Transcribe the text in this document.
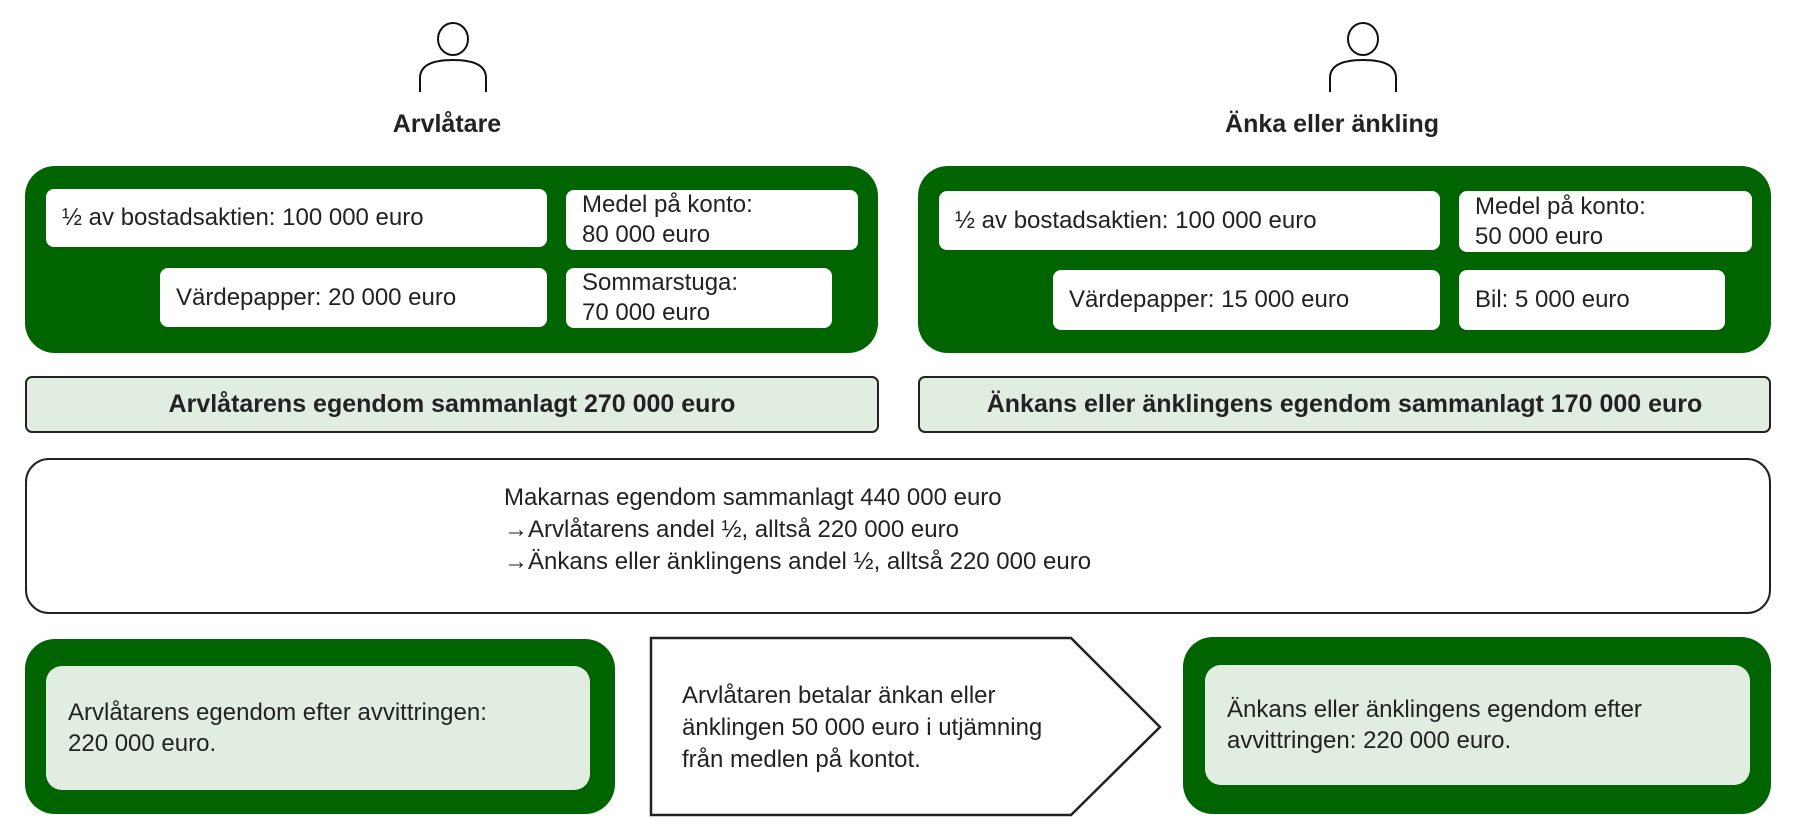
Arvlåtare	Änka eller änkling
½ av bostadsaktien: 100 000 euro	Medel på konto:
80 000 euro
Värdepapper: 20 000 euro
Sommarstuga:
70 000 euro
½ av bostadsaktien: 100 000 euro
Medel på konto:
50 000 euro
Värdepapper: 15 000 euro	Bil: 5 000 euro
Arvlåtarens egendom sammanlagt 270 000 euro	Änkans eller änklingens egendom sammanlagt 170 000 euro
Makarnas egendom sammanlagt 440 000 euro
→Arvlåtarens andel ½, alltså 220 000 euro
→Änkans eller änklingens andel ½, alltså 220 000 euro
Arvlåtarens egendom efter avvittringen:
220 000 euro.
Arvlåtaren betalar änkan eller
änklingen 50 000 euro i utjämning
från medlen på kontot.
Änkans eller änklingens egendom efter
avvittringen: 220 000 euro.
